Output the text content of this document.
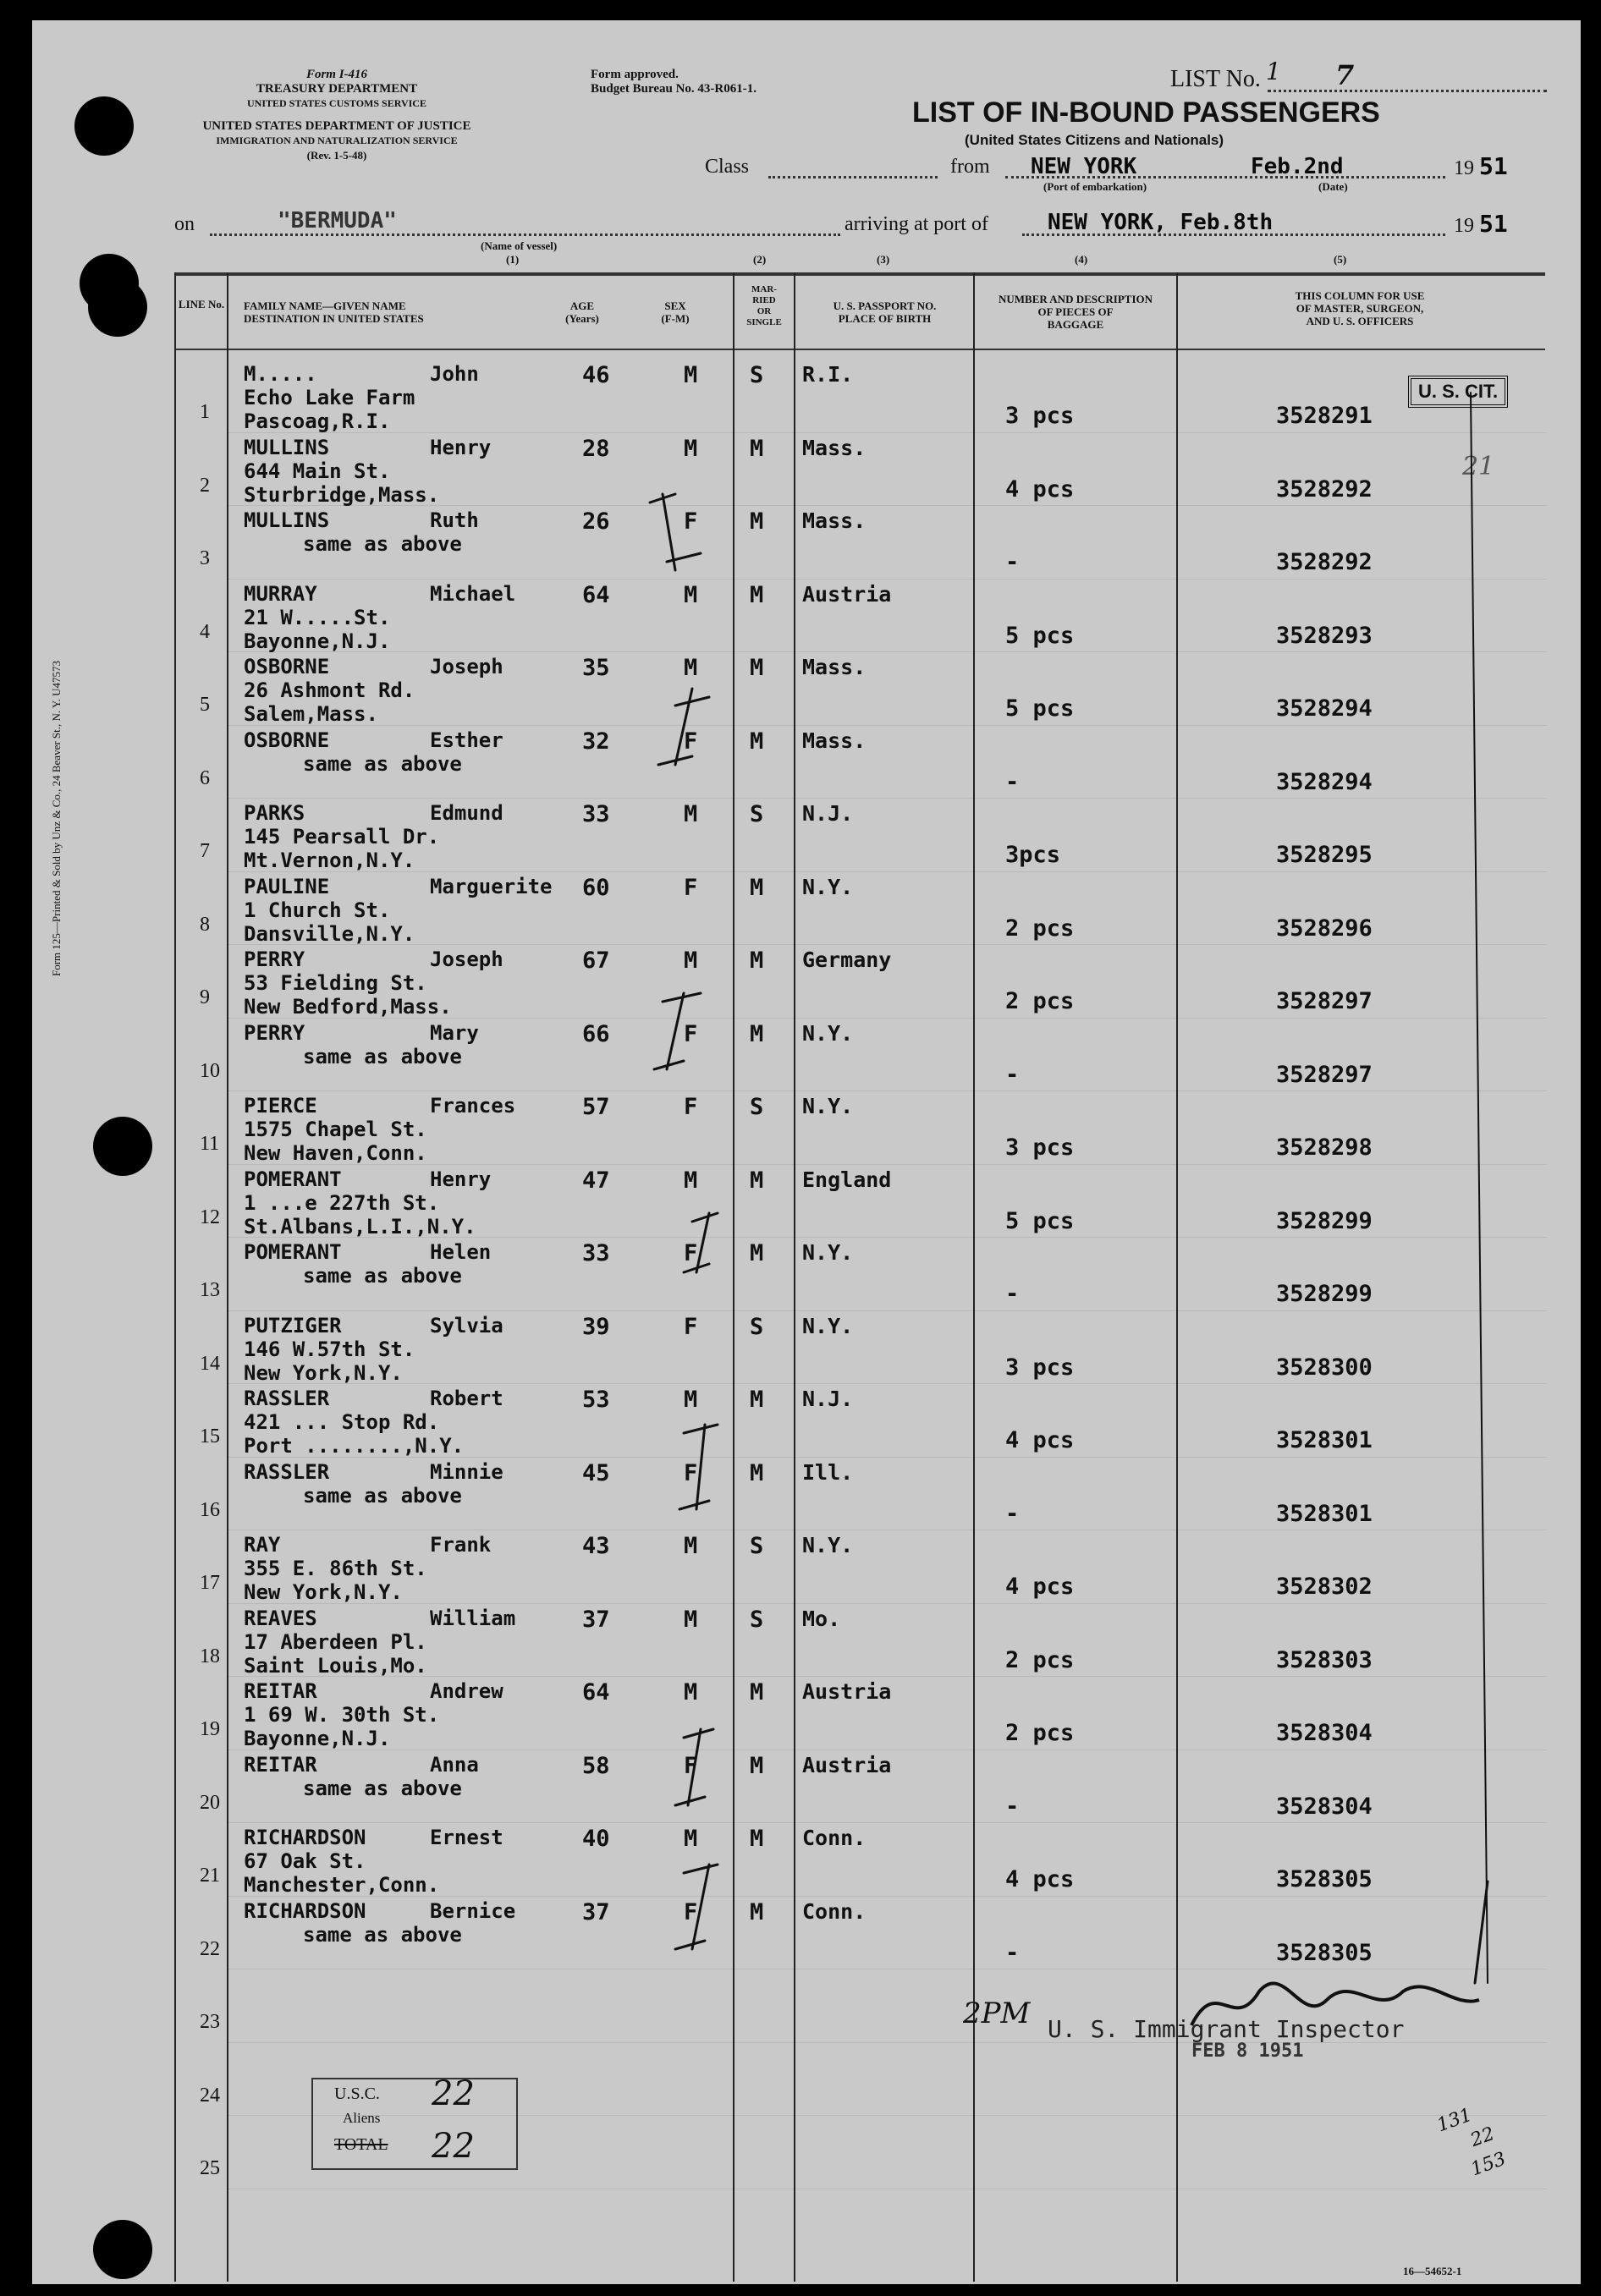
Form 125—Printed & Sold by Unz & Co., 24 Beaver St., N. Y. U47573
Form I-416
TREASURY DEPARTMENT
UNITED STATES CUSTOMS SERVICE
UNITED STATES DEPARTMENT OF JUSTICE
IMMIGRATION AND NATURALIZATION SERVICE
(Rev. 1-5-48)
Form approved.
Budget Bureau No. 43-R061-1.	LIST No. 1 7
LIST OF IN-BOUND PASSENGERS
(United States Citizens and Nationals)
Class	from NEW YORK	Feb.2nd
(Port of embarkation)	(Date)
19 51
on	"BERMUDA"
(Name of vessel)
arriving at port of	NEW YORK, Feb.8th	19 51
(1)	(2)	(3)	(4)	(5)
LINE No. FAMILY NAME—GIVEN NAME
DESTINATION IN UNITED STATES
AGE
(Years)
SEX
(F-M)
MAR-
RIED
OR
SINGLE
U. S. PASSPORT NO.
PLACE OF BIRTH
NUMBER AND DESCRIPTION
OF PIECES OF
BAGGAGE
THIS COLUMN FOR USE
OF MASTER, SURGEON,
AND U. S. OFFICERS
U. S. CIT.
21
U. S. Immigrant Inspector
FEB 8 1951
2PM
U.S.C. 22
Aliens
TOTAL 22
131
22
153
16—54652-1
1
M.....	John
Echo Lake Farm
Pascoag,R.I.
46	M S R.I.
3 pcs	3528291
2
MULLINS	Henry
644 Main St.
Sturbridge,Mass.
28	M M Mass.
4 pcs	3528292
3
MULLINS	Ruth
same as above
26	F M Mass.
-	3528292
4
MURRAY	Michael
21 W.....St.
Bayonne,N.J.
64	M M Austria
5 pcs	3528293
5
OSBORNE	Joseph
26 Ashmont Rd.
Salem,Mass.
35	M M Mass.
5 pcs	3528294
6
OSBORNE	Esther
same as above
32	F M Mass.
-	3528294
7
PARKS	Edmund
145 Pearsall Dr.
Mt.Vernon,N.Y.
33	M S N.J.
3pcs	3528295
8
PAULINE	Marguerite
1 Church St.
Dansville,N.Y.
60	F M N.Y.
2 pcs	3528296
9
PERRY	Joseph
53 Fielding St.
New Bedford,Mass.
67	M M Germany
2 pcs	3528297
10
PERRY	Mary
same as above
66	F M N.Y.
-	3528297
11
PIERCE	Frances
1575 Chapel St.
New Haven,Conn.
57	F S N.Y.
3 pcs	3528298
12
POMERANT	Henry
1 ...e 227th St.
St.Albans,L.I.,N.Y.
47	M M England
5 pcs	3528299
13
POMERANT	Helen
same as above
33	F M N.Y.
-	3528299
14
PUTZIGER	Sylvia
146 W.57th St.
New York,N.Y.
39	F S N.Y.
3 pcs	3528300
15
RASSLER	Robert
421 ... Stop Rd.
Port ........,N.Y.
53	M M N.J.
4 pcs	3528301
16
RASSLER	Minnie
same as above
45	F M Ill.
-	3528301
17
RAY	Frank
355 E. 86th St.
New York,N.Y.
43	M S N.Y.
4 pcs	3528302
18
REAVES	William
17 Aberdeen Pl.
Saint Louis,Mo.
37	M S Mo.
2 pcs	3528303
19
REITAR	Andrew
1 69 W. 30th St.
Bayonne,N.J.
64	M M Austria
2 pcs	3528304
20
REITAR	Anna
same as above
58	F M Austria
-	3528304
21
RICHARDSON	Ernest
67 Oak St.
Manchester,Conn.
40	M M Conn.
4 pcs	3528305
22
RICHARDSON	Bernice
same as above
37	F M Conn.
-	3528305
23
24
25
